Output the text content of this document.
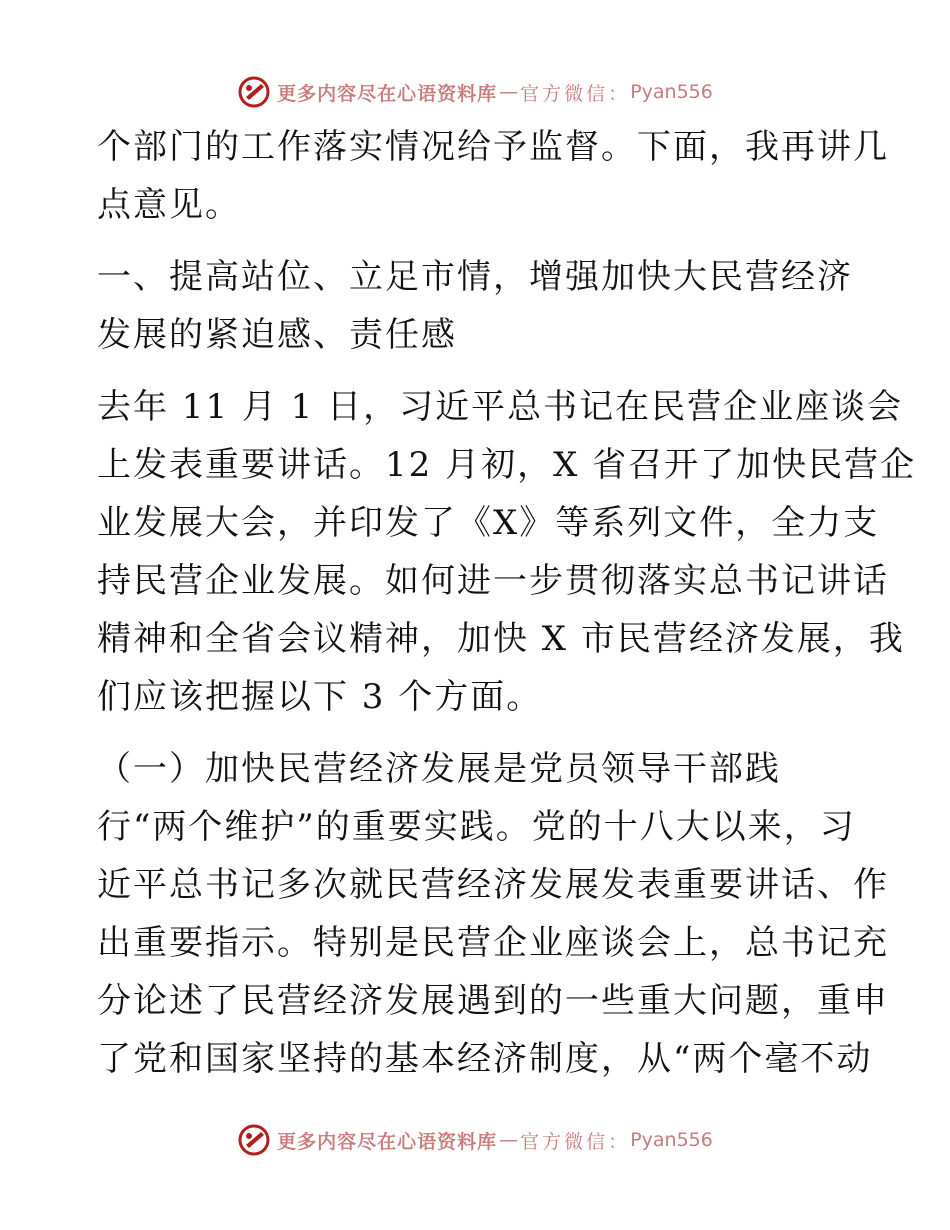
更多内容尽在心语资料库 — 官方微信： Pyan556

个部门的工作落实情况给予监督。下面，我再讲几
点意见。

一、提高站位、立足市情，增强加快大民营经济
发展的紧迫感、责任感

去年 11 月 1 日，习近平总书记在民营企业座谈会
上发表重要讲话。12 月初，X 省召开了加快民营企
业发展大会，并印发了《X》等系列文件，全力支
持民营企业发展。如何进一步贯彻落实总书记讲话
精神和全省会议精神，加快 X 市民营经济发展，我
们应该把握以下 3 个方面。

（一）加快民营经济发展是党员领导干部践
行“两个维护”的重要实践。党的十八大以来，习
近平总书记多次就民营经济发展发表重要讲话、作
出重要指示。特别是民营企业座谈会上，总书记充
分论述了民营经济发展遇到的一些重大问题，重申
了党和国家坚持的基本经济制度，从“两个毫不动

更多内容尽在心语资料库 — 官方微信： Pyan556
